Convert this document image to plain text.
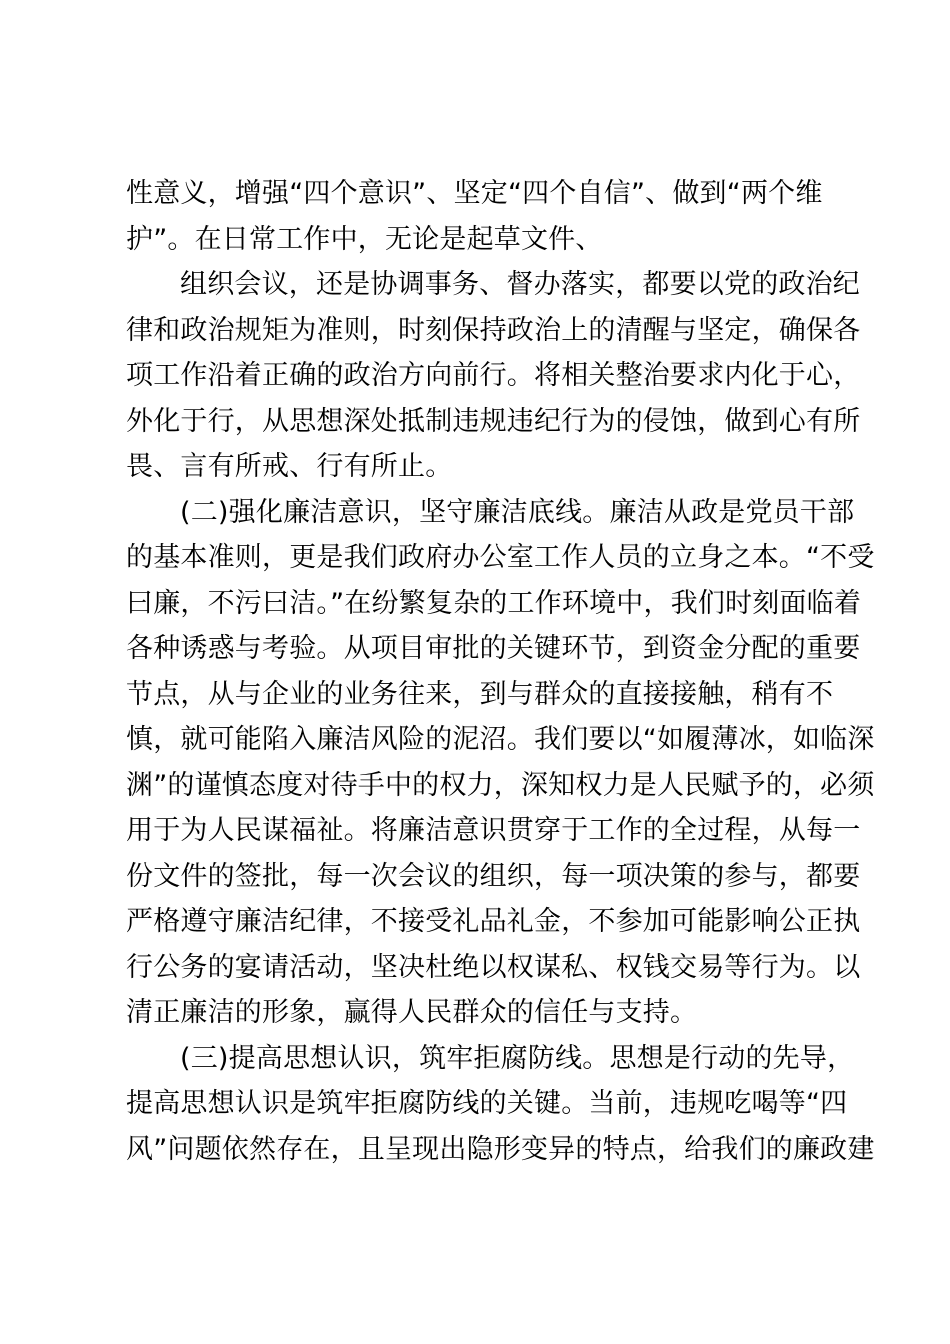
性意义，增强“四个意识”、坚定“四个自信”、做到“两个维
护”。在日常工作中，无论是起草文件、
组织会议，还是协调事务、督办落实，都要以党的政治纪
律和政治规矩为准则，时刻保持政治上的清醒与坚定，确保各
项工作沿着正确的政治方向前行。将相关整治要求内化于心，
外化于行，从思想深处抵制违规违纪行为的侵蚀，做到心有所
畏、言有所戒、行有所止。
(二)强化廉洁意识，坚守廉洁底线。廉洁从政是党员干部
的基本准则，更是我们政府办公室工作人员的立身之本。“不受
曰廉，不污曰洁。”在纷繁复杂的工作环境中，我们时刻面临着
各种诱惑与考验。从项目审批的关键环节，到资金分配的重要
节点，从与企业的业务往来，到与群众的直接接触，稍有不
慎，就可能陷入廉洁风险的泥沼。我们要以“如履薄冰，如临深
渊”的谨慎态度对待手中的权力，深知权力是人民赋予的，必须
用于为人民谋福祉。将廉洁意识贯穿于工作的全过程，从每一
份文件的签批，每一次会议的组织，每一项决策的参与，都要
严格遵守廉洁纪律，不接受礼品礼金，不参加可能影响公正执
行公务的宴请活动，坚决杜绝以权谋私、权钱交易等行为。以
清正廉洁的形象，赢得人民群众的信任与支持。
(三)提高思想认识，筑牢拒腐防线。思想是行动的先导，
提高思想认识是筑牢拒腐防线的关键。当前，违规吃喝等“四
风”问题依然存在，且呈现出隐形变异的特点，给我们的廉政建
